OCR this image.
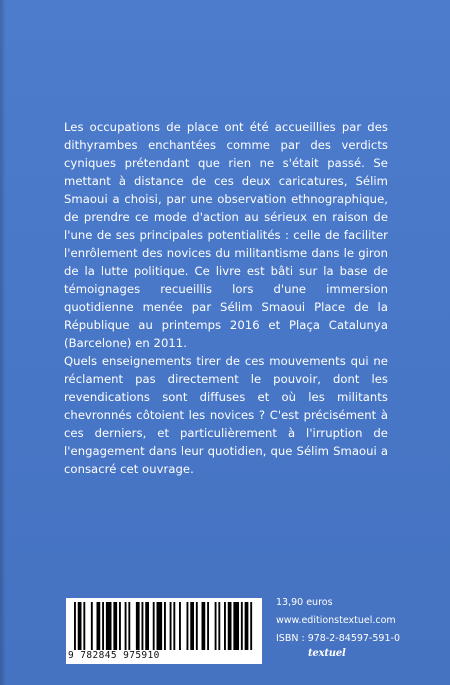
Les occupations de place ont été accueillies par des dithyrambes enchantées comme par des verdicts cyniques prétendant que rien ne s'était passé. Se mettant à distance de ces deux caricatures, Sélim Smaoui a choisi, par une observation ethnographique, de prendre ce mode d'action au sérieux en raison de l'une de ses principales potentialités : celle de faciliter l'enrôlement des novices du militantisme dans le giron de la lutte politique. Ce livre est bâti sur la base de témoignages recueillis lors d'une immersion quotidienne menée par Sélim Smaoui Place de la République au printemps 2016 et Plaça Catalunya (Barcelone) en 2011.

Quels enseignements tirer de ces mouvements qui ne réclament pas directement le pouvoir, dont les revendications sont diffuses et où les militants chevronnés côtoient les novices ? C'est précisément à ces derniers, et particulièrement à l'irruption de l'engagement dans leur quotidien, que Sélim Smaoui a consacré cet ouvrage.

9 782845 975910
13,90 euros
www.editionstextuel.com
ISBN : 978-2-84597-591-0
textuel
